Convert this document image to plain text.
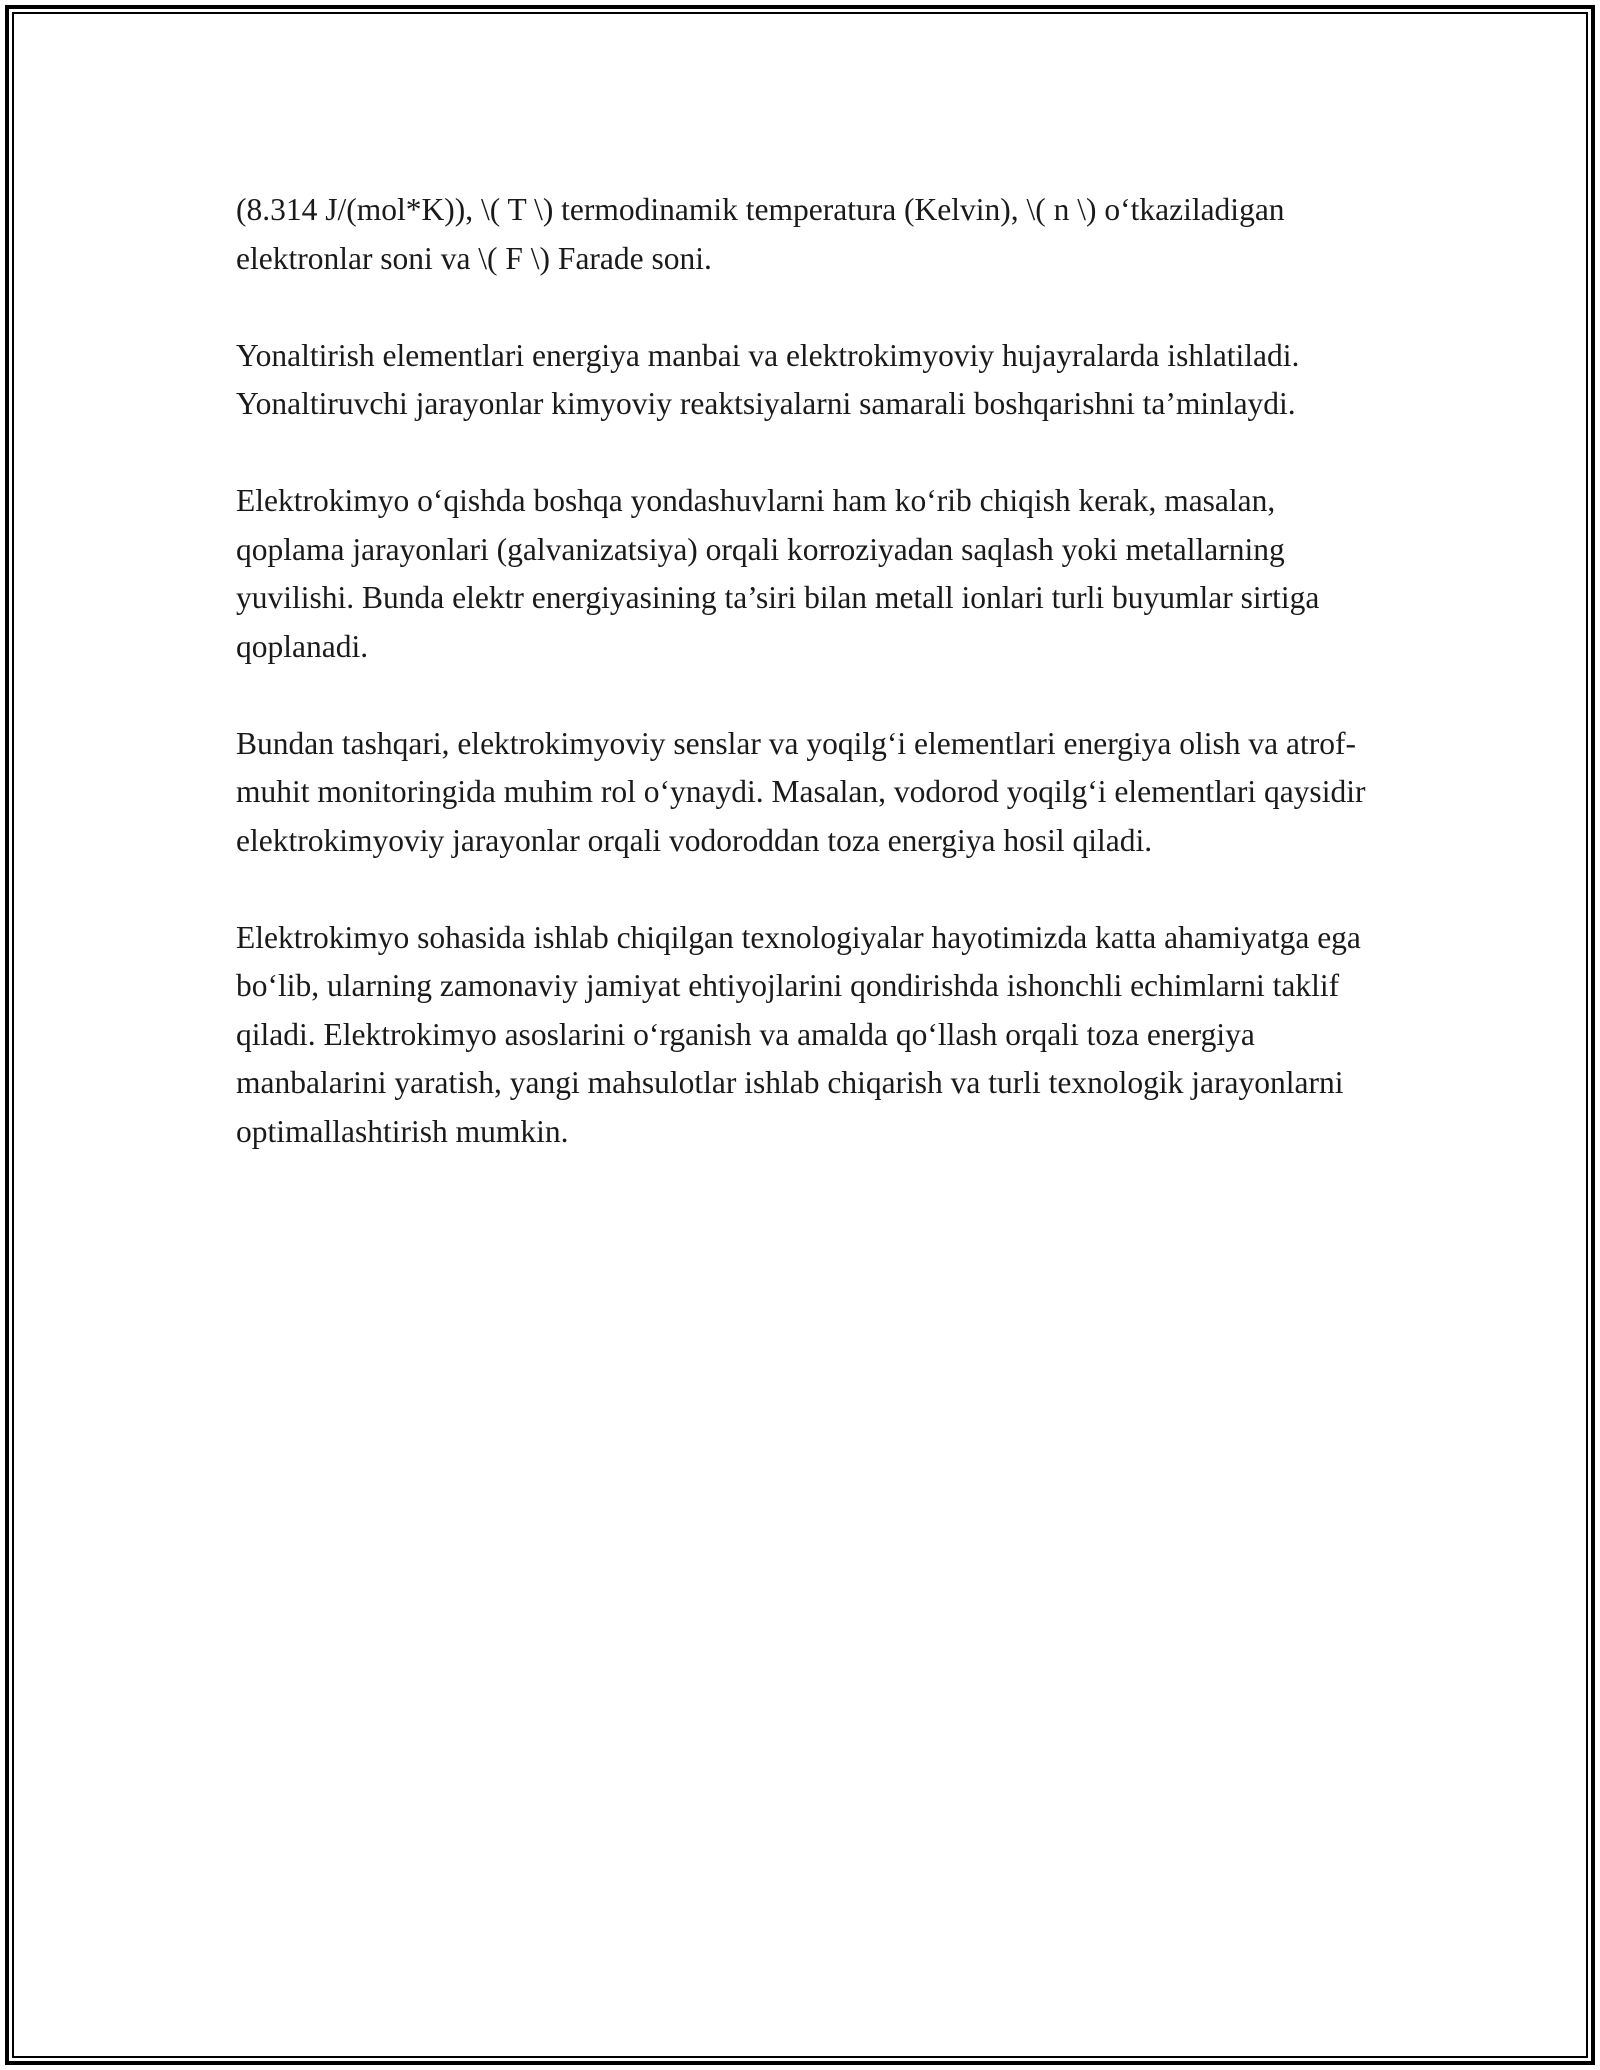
(8.314 J/(mol*K)), \( T \) termodinamik temperatura (Kelvin), \( n \) o‘tkaziladigan elektronlar soni va \( F \) Farade soni.

Yonaltirish elementlari energiya manbai va elektrokimyoviy hujayralarda ishlatiladi. Yonaltiruvchi jarayonlar kimyoviy reaktsiyalarni samarali boshqarishni ta’minlaydi.

Elektrokimyo o‘qishda boshqa yondashuvlarni ham ko‘rib chiqish kerak, masalan, qoplama jarayonlari (galvanizatsiya) orqali korroziyadan saqlash yoki metallarning yuvilishi. Bunda elektr energiyasining ta’siri bilan metall ionlari turli buyumlar sirtiga qoplanadi.

Bundan tashqari, elektrokimyoviy senslar va yoqilg‘i elementlari energiya olish va atrof-muhit monitoringida muhim rol o‘ynaydi. Masalan, vodorod yoqilg‘i elementlari qaysidir elektrokimyoviy jarayonlar orqali vodoroddan toza energiya hosil qiladi.

Elektrokimyo sohasida ishlab chiqilgan texnologiyalar hayotimizda katta ahamiyatga ega bo‘lib, ularning zamonaviy jamiyat ehtiyojlarini qondirishda ishonchli echimlarni taklif qiladi. Elektrokimyo asoslarini o‘rganish va amalda qo‘llash orqali toza energiya manbalarini yaratish, yangi mahsulotlar ishlab chiqarish va turli texnologik jarayonlarni optimallashtirish mumkin.
